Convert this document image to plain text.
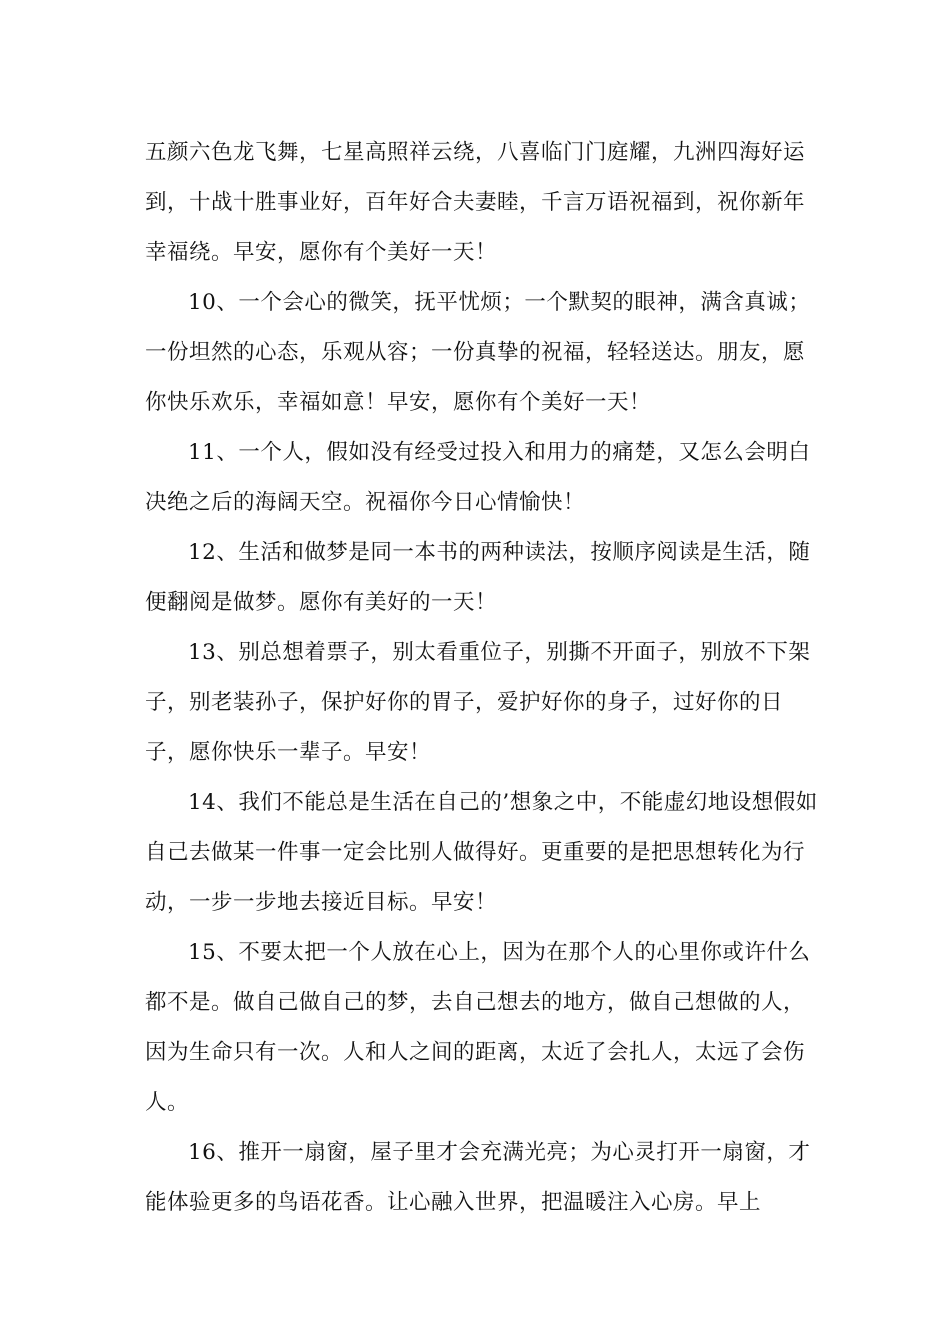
五颜六色龙飞舞，七星高照祥云绕，八喜临门门庭耀，九洲四海好运到，十战十胜事业好，百年好合夫妻睦，千言万语祝福到，祝你新年幸福绕。早安，愿你有个美好一天！

10、一个会心的微笑，抚平忧烦；一个默契的眼神，满含真诚；一份坦然的心态，乐观从容；一份真挚的祝福，轻轻送达。朋友，愿你快乐欢乐，幸福如意！早安，愿你有个美好一天！

11、一个人，假如没有经受过投入和用力的痛楚，又怎么会明白决绝之后的海阔天空。祝福你今日心情愉快！

12、生活和做梦是同一本书的两种读法，按顺序阅读是生活，随便翻阅是做梦。愿你有美好的一天！

13、别总想着票子，别太看重位子，别撕不开面子，别放不下架子，别老装孙子，保护好你的胃子，爱护好你的身子，过好你的日子，愿你快乐一辈子。早安！

14、我们不能总是生活在自己的’想象之中，不能虚幻地设想假如自己去做某一件事一定会比别人做得好。更重要的是把思想转化为行动，一步一步地去接近目标。早安！

15、不要太把一个人放在心上，因为在那个人的心里你或许什么都不是。做自己做自己的梦，去自己想去的地方，做自己想做的人，因为生命只有一次。人和人之间的距离，太近了会扎人，太远了会伤人。

16、推开一扇窗，屋子里才会充满光亮；为心灵打开一扇窗，才能体验更多的鸟语花香。让心融入世界，把温暖注入心房。早上
